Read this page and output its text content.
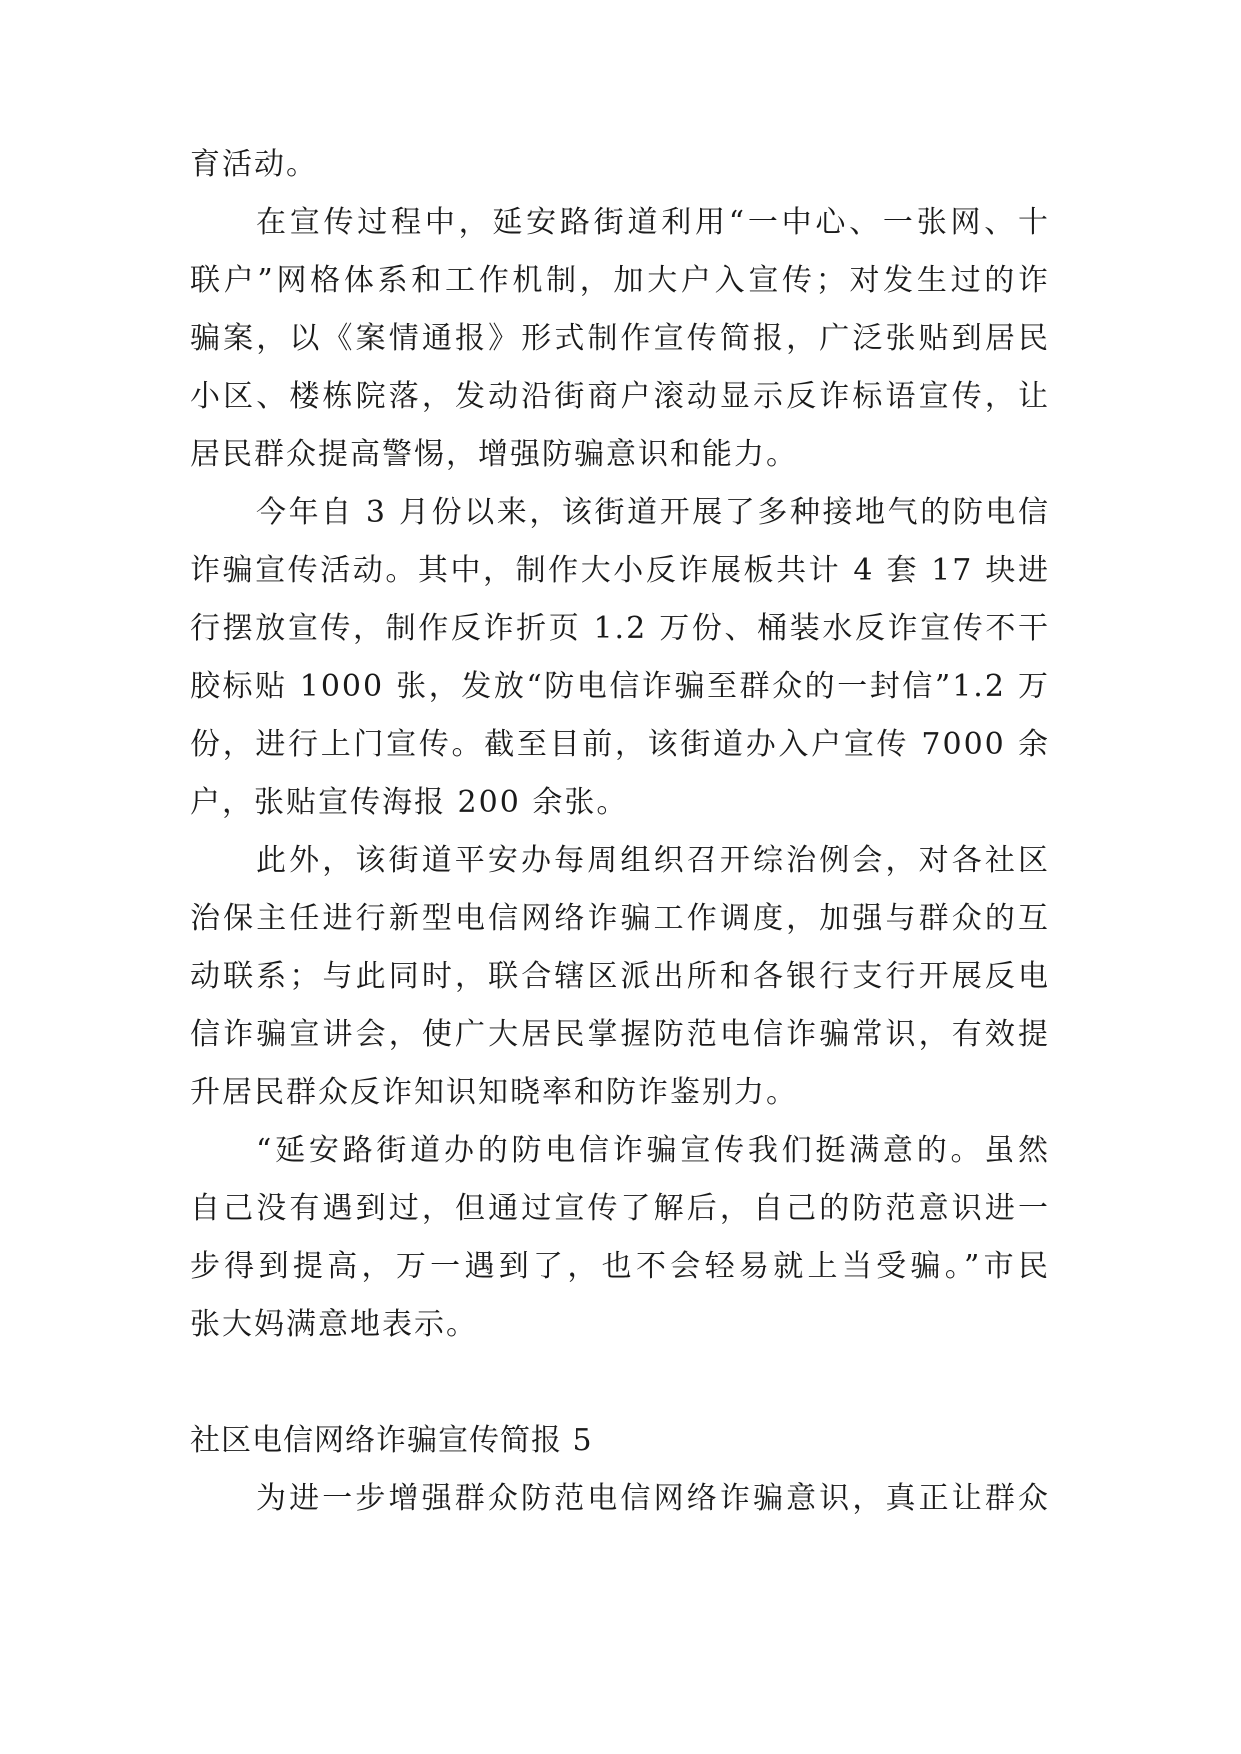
育活动。
在宣传过程中，延安路街道利用“一中心、一张网、十
联户”网格体系和工作机制，加大户入宣传；对发生过的诈
骗案，以《案情通报》形式制作宣传简报，广泛张贴到居民
小区、楼栋院落，发动沿街商户滚动显示反诈标语宣传，让
居民群众提高警惕，增强防骗意识和能力。
今年自 3 月份以来，该街道开展了多种接地气的防电信
诈骗宣传活动。其中，制作大小反诈展板共计 4 套 17 块进
行摆放宣传，制作反诈折页 1.2 万份、桶装水反诈宣传不干
胶标贴 1000 张，发放“防电信诈骗至群众的一封信”1.2 万
份，进行上门宣传。截至目前，该街道办入户宣传 7000 余
户，张贴宣传海报 200 余张。
此外，该街道平安办每周组织召开综治例会，对各社区
治保主任进行新型电信网络诈骗工作调度，加强与群众的互
动联系；与此同时，联合辖区派出所和各银行支行开展反电
信诈骗宣讲会，使广大居民掌握防范电信诈骗常识，有效提
升居民群众反诈知识知晓率和防诈鉴别力。
“延安路街道办的防电信诈骗宣传我们挺满意的。虽然
自己没有遇到过，但通过宣传了解后，自己的防范意识进一
步得到提高，万一遇到了，也不会轻易就上当受骗。”市民
张大妈满意地表示。
社区电信网络诈骗宣传简报 5
为进一步增强群众防范电信网络诈骗意识，真正让群众
